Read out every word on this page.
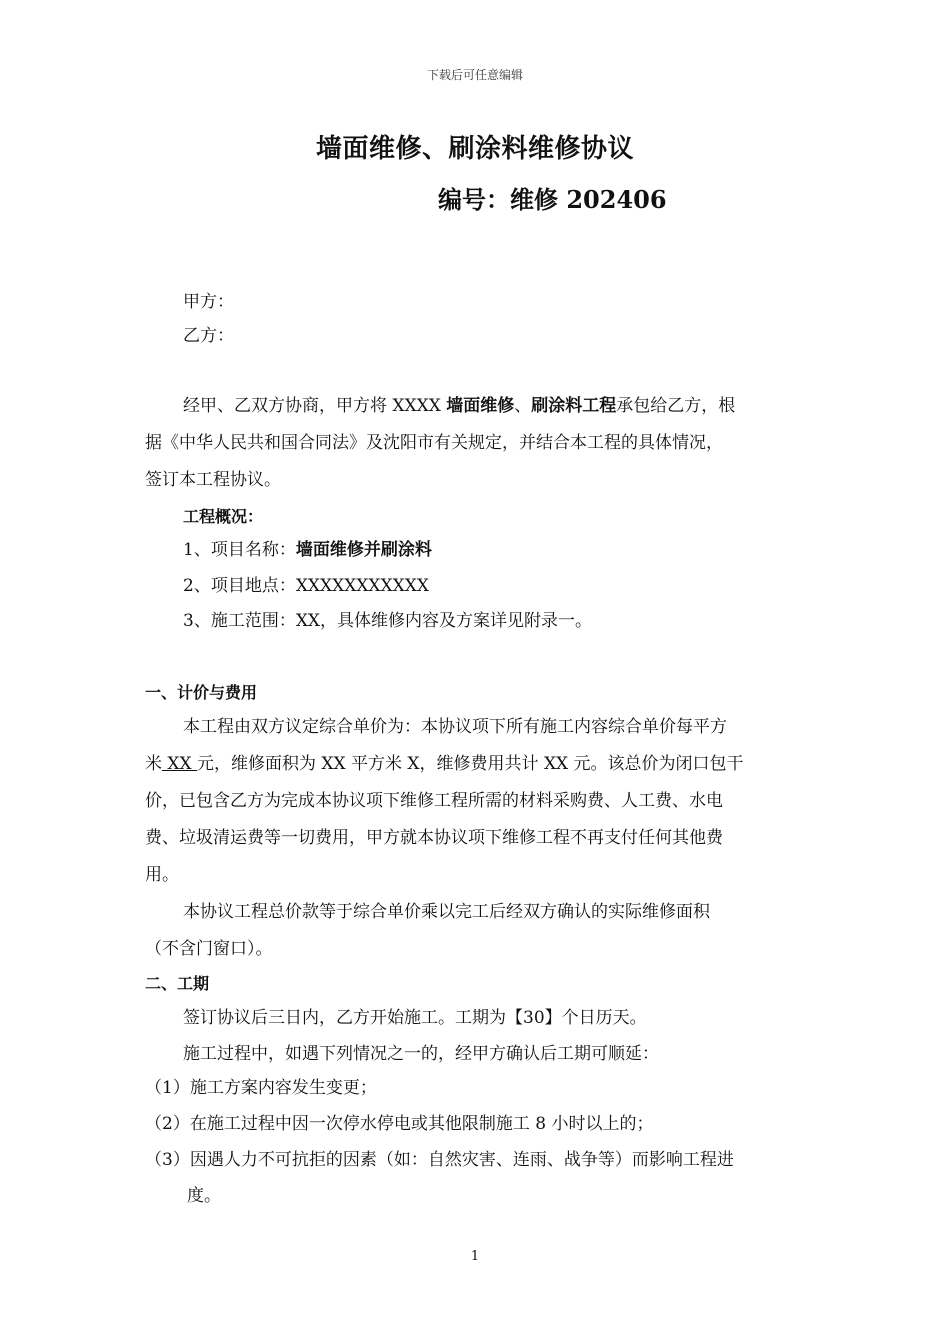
下载后可任意编辑
墙面维修、刷涂料维修协议
编号：维修 202406
甲方：
乙方：
经甲、乙双方协商，甲方将 XXXX 墙面维修、刷涂料工程承包给乙方，根
据《中华人民共和国合同法》及沈阳市有关规定，并结合本工程的具体情况，
签订本工程协议。
工程概况：
1、项目名称：墙面维修并刷涂料
2、项目地点：XXXXXXXXXXX
3、施工范围：XX，具体维修内容及方案详见附录一。
一、计价与费用
本工程由双方议定综合单价为：本协议项下所有施工内容综合单价每平方
米 XX 元，维修面积为 XX 平方米 X，维修费用共计 XX 元。该总价为闭口包干
价，已包含乙方为完成本协议项下维修工程所需的材料采购费、人工费、水电
费、垃圾清运费等一切费用，甲方就本协议项下维修工程不再支付任何其他费
用。
本协议工程总价款等于综合单价乘以完工后经双方确认的实际维修面积
（不含门窗口）。
二、工期
签订协议后三日内，乙方开始施工。工期为【30】个日历天。
施工过程中，如遇下列情况之一的，经甲方确认后工期可顺延：
（1）施工方案内容发生变更；
（2）在施工过程中因一次停水停电或其他限制施工 8 小时以上的；
（3）因遇人力不可抗拒的因素（如：自然灾害、连雨、战争等）而影响工程进
度。
1
